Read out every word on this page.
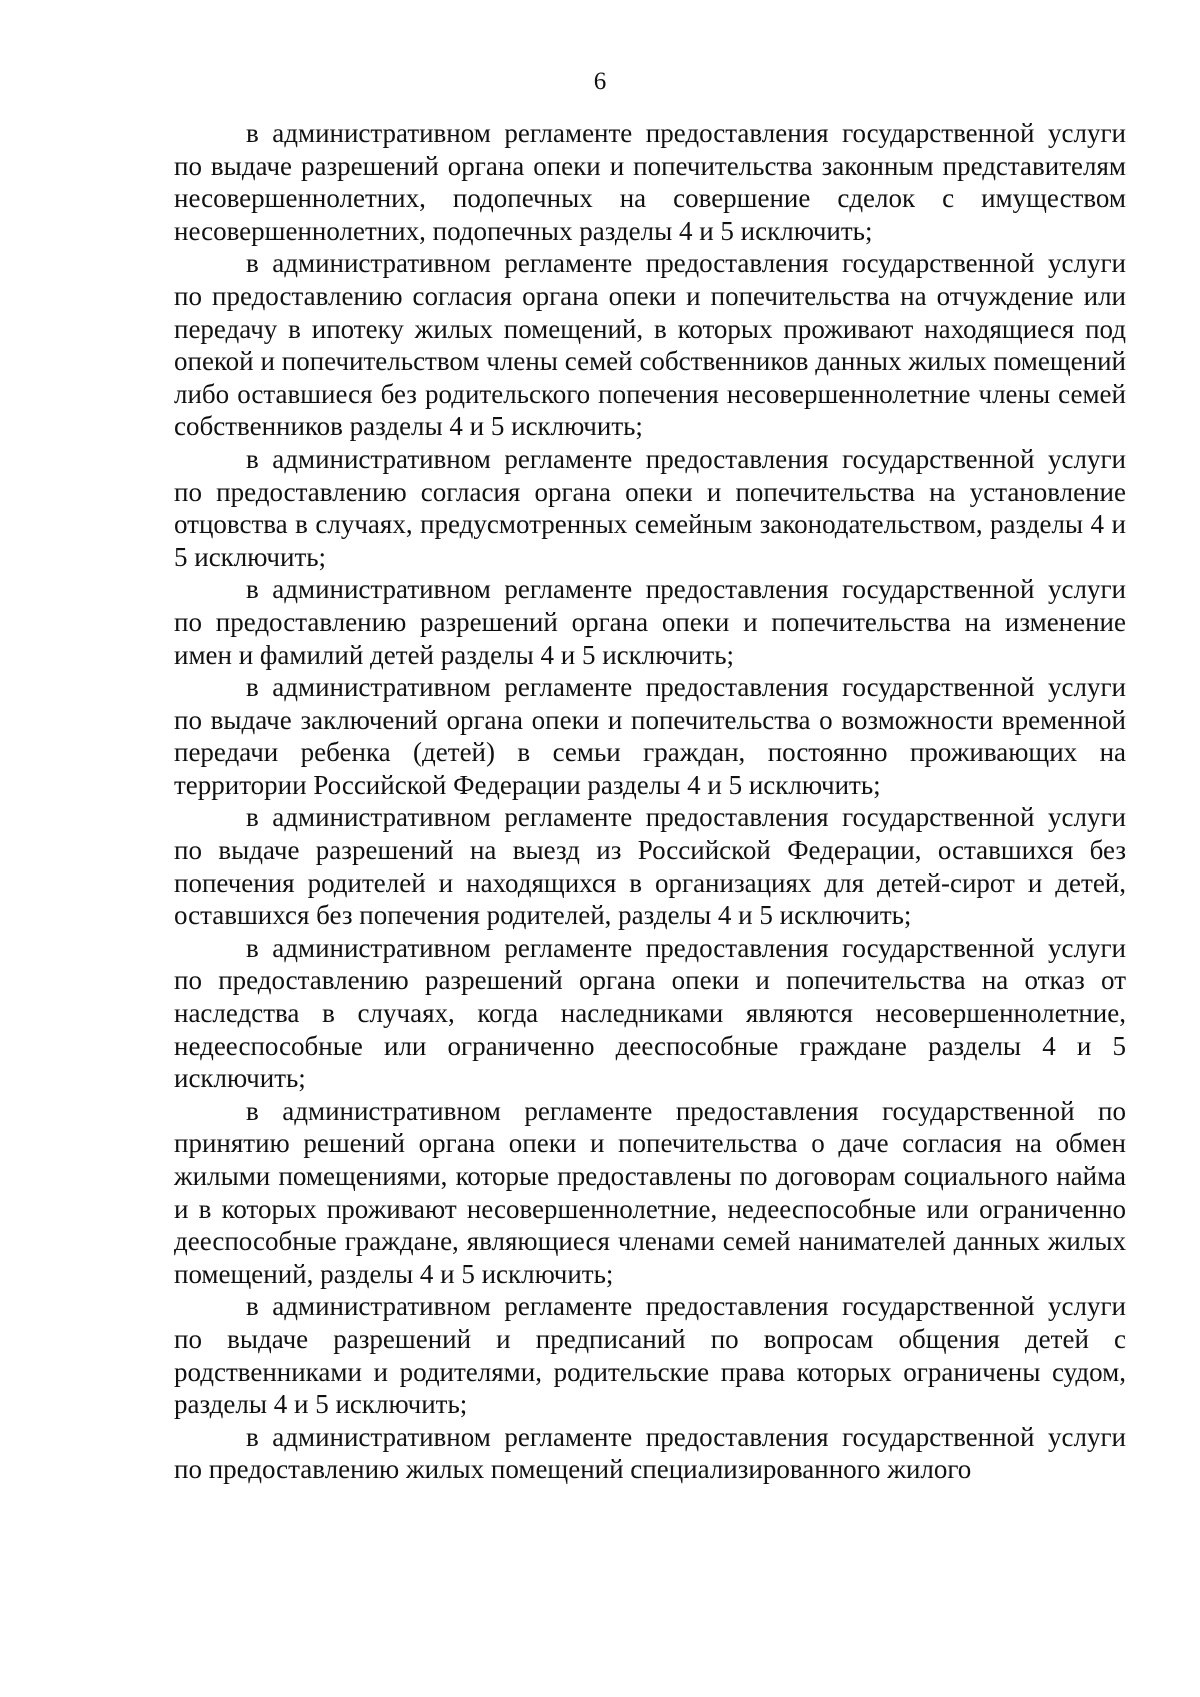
6

в административном регламенте предоставления государственной услуги по выдаче разрешений органа опеки и попечительства законным представителям несовершеннолетних, подопечных на совершение сделок с имуществом несовершеннолетних, подопечных разделы 4 и 5 исключить;

в административном регламенте предоставления государственной услуги по предоставлению согласия органа опеки и попечительства на отчуждение или передачу в ипотеку жилых помещений, в которых проживают находящиеся под опекой и попечительством члены семей собственников данных жилых помещений либо оставшиеся без родительского попечения несовершеннолетние члены семей собственников разделы 4 и 5 исключить;

в административном регламенте предоставления государственной услуги по предоставлению согласия органа опеки и попечительства на установление отцовства в случаях, предусмотренных семейным законодательством, разделы 4 и 5 исключить;

в административном регламенте предоставления государственной услуги по предоставлению разрешений органа опеки и попечительства на изменение имен и фамилий детей разделы 4 и 5 исключить;

в административном регламенте предоставления государственной услуги по выдаче заключений органа опеки и попечительства о возможности временной передачи ребенка (детей) в семьи граждан, постоянно проживающих на территории Российской Федерации разделы 4 и 5 исключить;

в административном регламенте предоставления государственной услуги по выдаче разрешений на выезд из Российской Федерации, оставшихся без попечения родителей и находящихся в организациях для детей-сирот и детей, оставшихся без попечения родителей, разделы 4 и 5 исключить;

в административном регламенте предоставления государственной услуги по предоставлению разрешений органа опеки и попечительства на отказ от наследства в случаях, когда наследниками являются несовершеннолетние, недееспособные или ограниченно дееспособные граждане разделы 4 и 5 исключить;

в административном регламенте предоставления государственной по принятию решений органа опеки и попечительства о даче согласия на обмен жилыми помещениями, которые предоставлены по договорам социального найма и в которых проживают несовершеннолетние, недееспособные или ограниченно дееспособные граждане, являющиеся членами семей нанимателей данных жилых помещений, разделы 4 и 5 исключить;

в административном регламенте предоставления государственной услуги по выдаче разрешений и предписаний по вопросам общения детей с родственниками и родителями, родительские права которых ограничены судом, разделы 4 и 5 исключить;

в административном регламенте предоставления государственной услуги по предоставлению жилых помещений специализированного жилого
